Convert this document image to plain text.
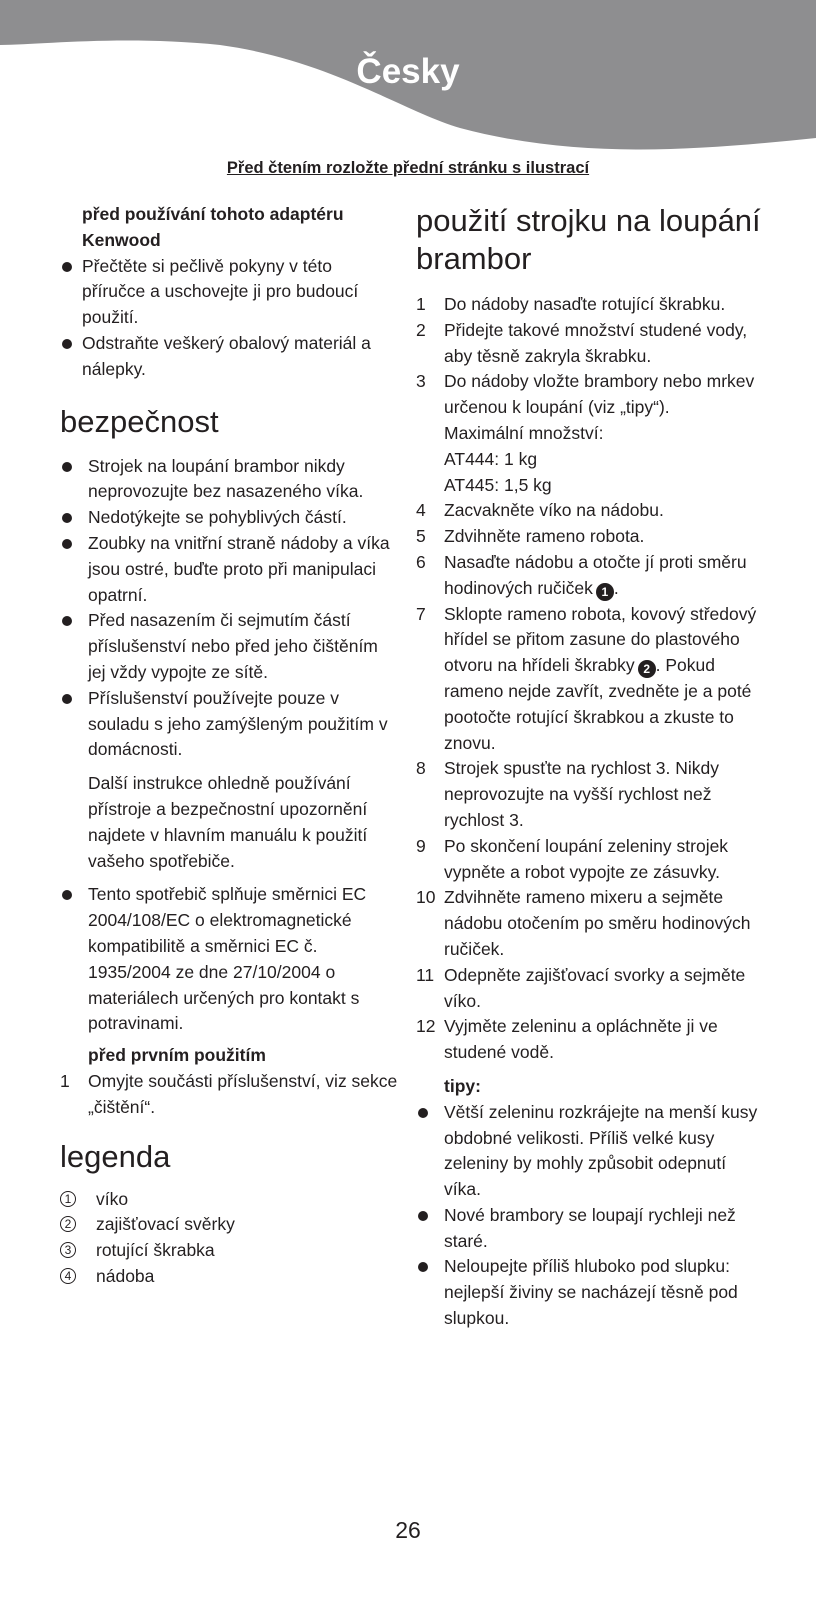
Česky
Před čtením rozložte přední stránku s ilustrací
před používání tohoto adaptéru Kenwood
Přečtěte si pečlivě pokyny v této příručce a uschovejte ji pro budoucí použití.
Odstraňte veškerý obalový materiál a nálepky.
bezpečnost
Strojek na loupání brambor nikdy neprovozujte bez nasazeného víka.
Nedotýkejte se pohyblivých částí.
Zoubky na vnitřní straně nádoby a víka jsou ostré, buďte proto při manipulaci opatrní.
Před nasazením či sejmutím částí příslušenství nebo před jeho čištěním jej vždy vypojte ze sítě.
Příslušenství používejte pouze v souladu s jeho zamýšleným použitím v domácnosti.
Další instrukce ohledně používání přístroje a bezpečnostní upozornění najdete v hlavním manuálu k použití vašeho spotřebiče.
Tento spotřebič splňuje směrnici EC 2004/108/EC o elektromagnetické kompatibilitě a směrnici EC č. 1935/2004 ze dne 27/10/2004 o materiálech určených pro kontakt s potravinami.
před prvním použitím
1 Omyjte součásti příslušenství, viz sekce „čištění“.
legenda
1 víko
2 zajišťovací svěrky
3 rotující škrabka
4 nádoba
použití strojku na loupání brambor
1 Do nádoby nasaďte rotující škrabku.
2 Přidejte takové množství studené vody, aby těsně zakryla škrabku.
3 Do nádoby vložte brambory nebo mrkev určenou k loupání (viz „tipy“).
Maximální množství:
AT444: 1 kg
AT445: 1,5 kg
4 Zacvakněte víko na nádobu.
5 Zdvihněte rameno robota.
6 Nasaďte nádobu a otočte jí proti směru hodinových ručiček 1 .
7 Sklopte rameno robota, kovový středový hřídel se přitom zasune do plastového otvoru na hřídeli škrabky 2 . Pokud rameno nejde zavřít, zvedněte je a poté pootočte rotující škrabkou a zkuste to znovu.
8 Strojek spusťte na rychlost 3. Nikdy neprovozujte na vyšší rychlost než rychlost 3.
9 Po skončení loupání zeleniny strojek vypněte a robot vypojte ze zásuvky.
10 Zdvihněte rameno mixeru a sejměte nádobu otočením po směru hodinových ručiček.
11 Odepněte zajišťovací svorky a sejměte víko.
12 Vyjměte zeleninu a opláchněte ji ve studené vodě.
tipy:
Větší zeleninu rozkrájejte na menší kusy obdobné velikosti. Příliš velké kusy zeleniny by mohly způsobit odepnutí víka.
Nové brambory se loupají rychleji než staré.
Neloupejte příliš hluboko pod slupku: nejlepší živiny se nacházejí těsně pod slupkou.
26
